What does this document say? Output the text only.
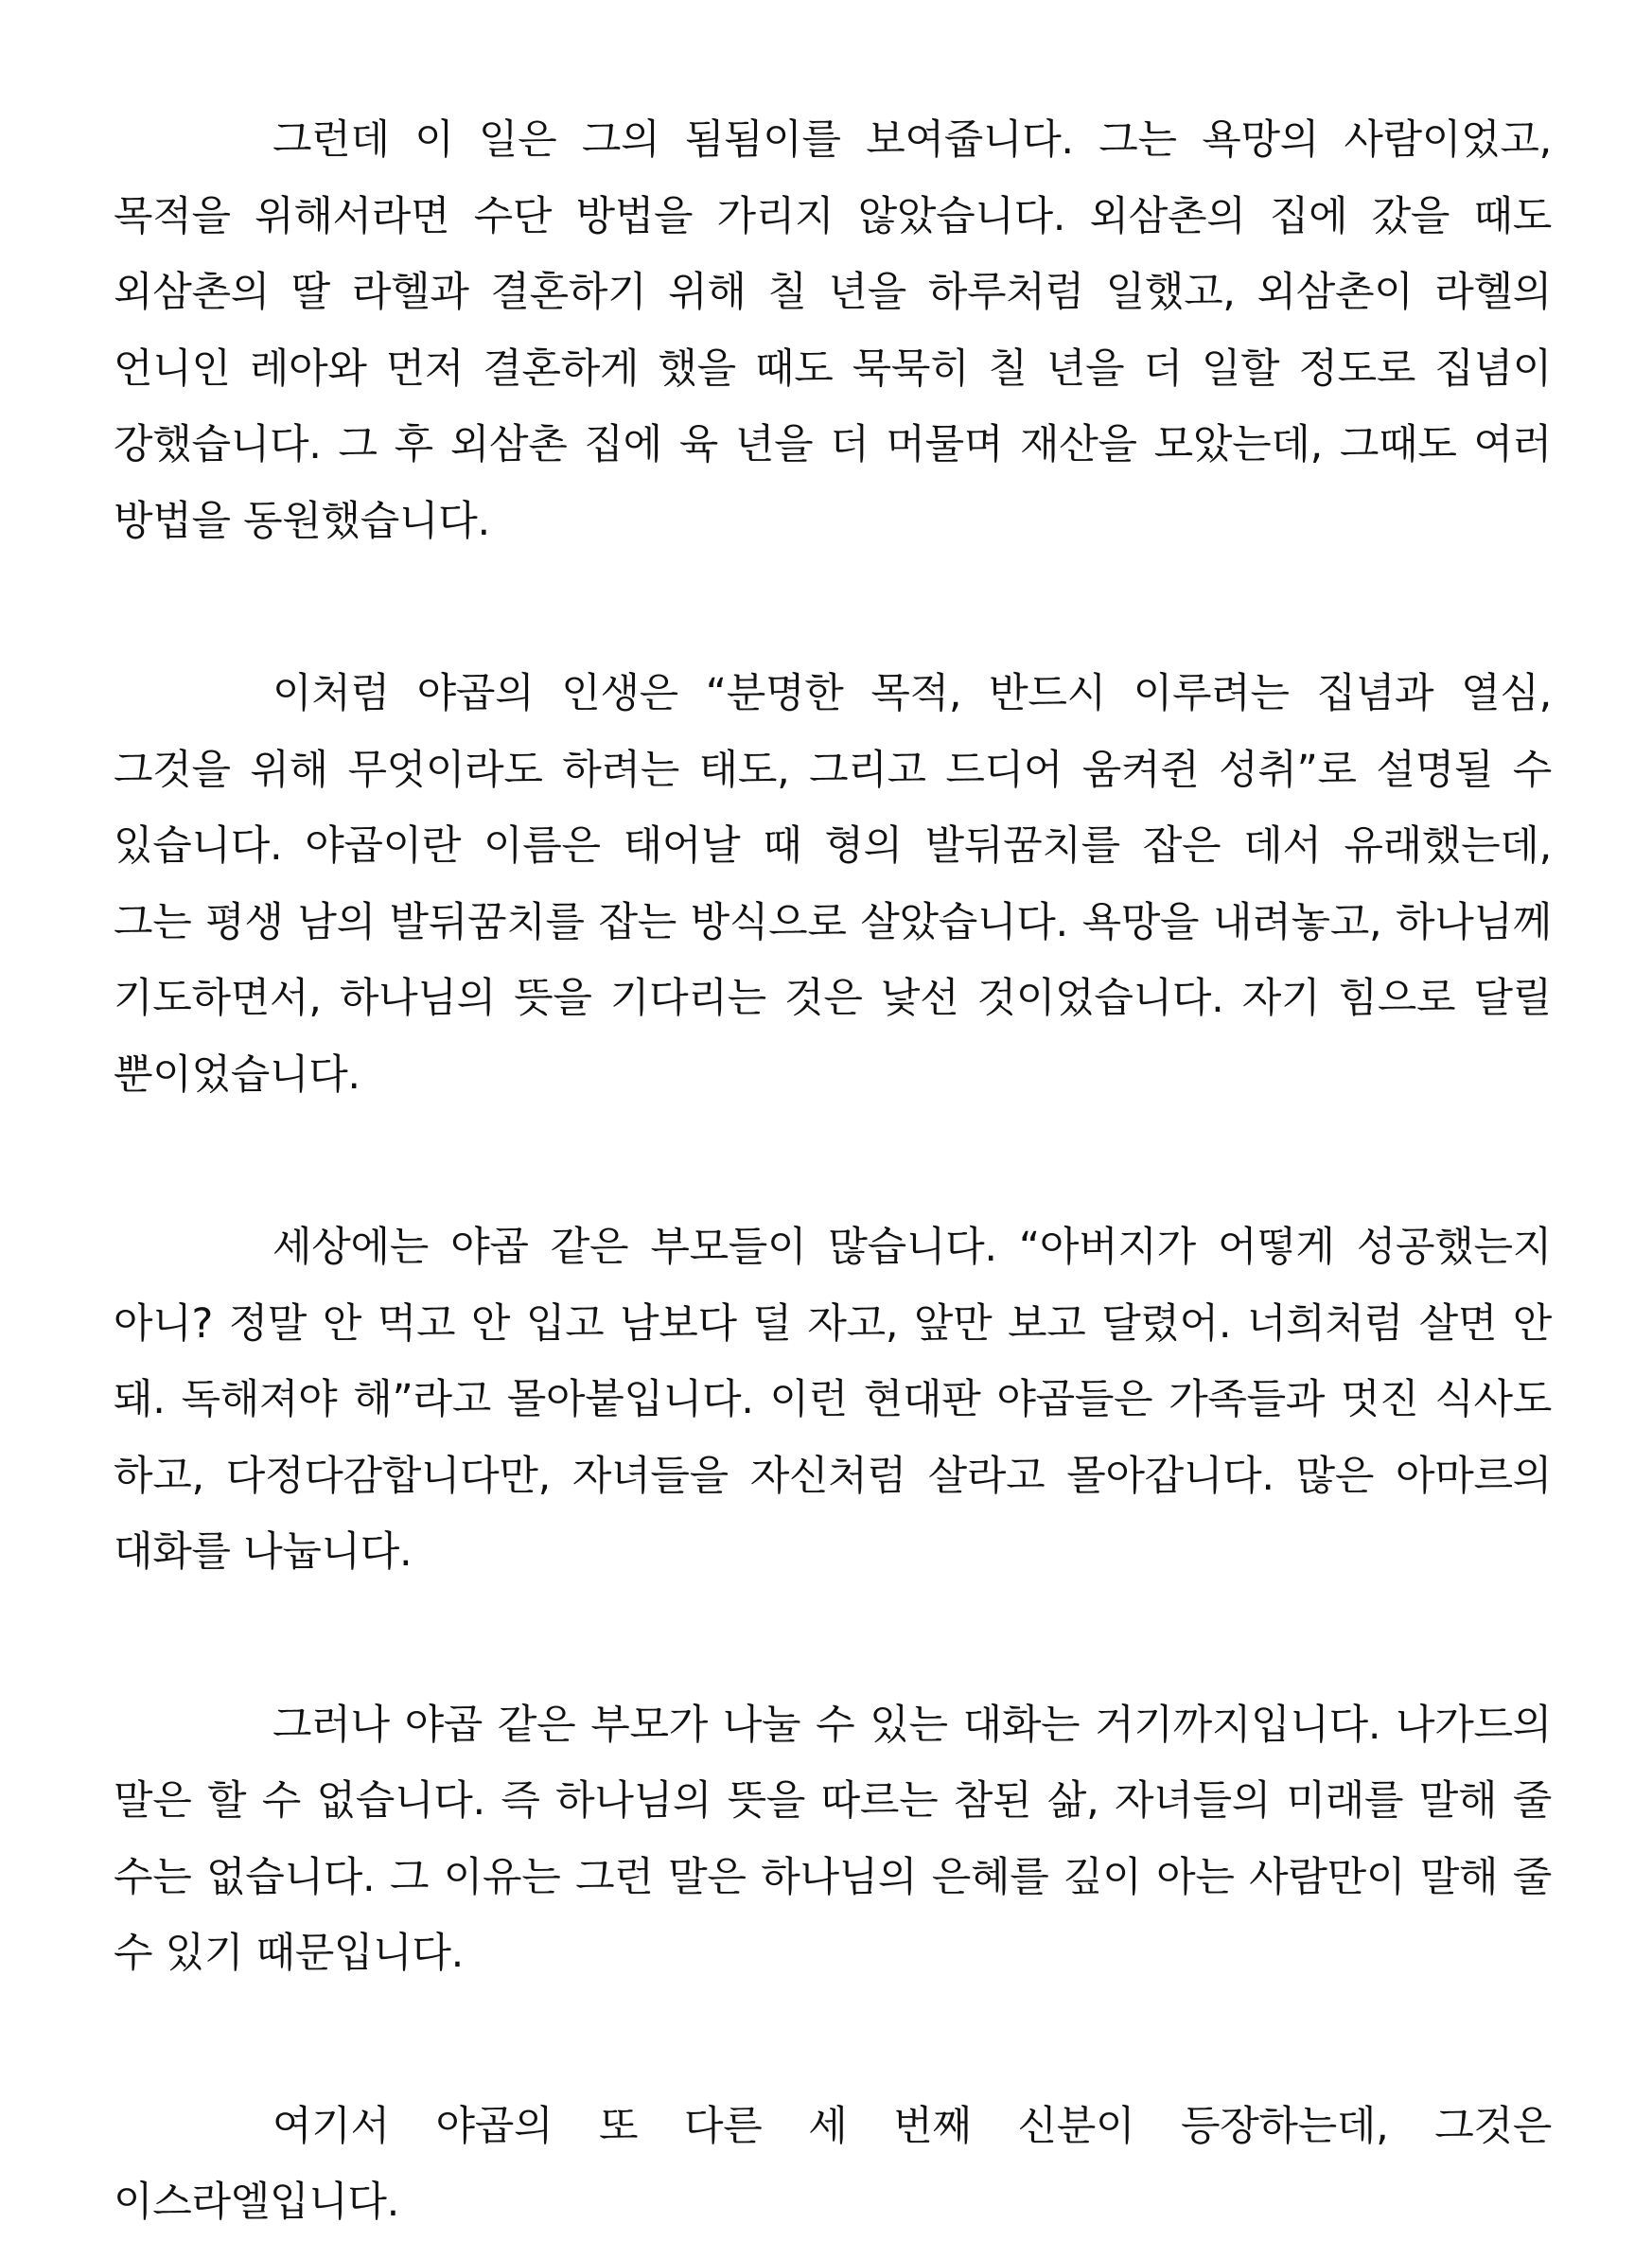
그런데 이 일은 그의 됨됨이를 보여줍니다. 그는 욕망의 사람이었고, 목적을 위해서라면 수단 방법을 가리지 않았습니다. 외삼촌의 집에 갔을 때도 외삼촌의 딸 라헬과 결혼하기 위해 칠 년을 하루처럼 일했고, 외삼촌이 라헬의 언니인 레아와 먼저 결혼하게 했을 때도 묵묵히 칠 년을 더 일할 정도로 집념이 강했습니다. 그 후 외삼촌 집에 육 년을 더 머물며 재산을 모았는데, 그때도 여러 방법을 동원했습니다.

이처럼 야곱의 인생은 “분명한 목적, 반드시 이루려는 집념과 열심, 그것을 위해 무엇이라도 하려는 태도, 그리고 드디어 움켜쥔 성취”로 설명될 수 있습니다. 야곱이란 이름은 태어날 때 형의 발뒤꿈치를 잡은 데서 유래했는데, 그는 평생 남의 발뒤꿈치를 잡는 방식으로 살았습니다. 욕망을 내려놓고, 하나님께 기도하면서, 하나님의 뜻을 기다리는 것은 낯선 것이었습니다. 자기 힘으로 달릴 뿐이었습니다.

세상에는 야곱 같은 부모들이 많습니다. “아버지가 어떻게 성공했는지 아니? 정말 안 먹고 안 입고 남보다 덜 자고, 앞만 보고 달렸어. 너희처럼 살면 안 돼. 독해져야 해”라고 몰아붙입니다. 이런 현대판 야곱들은 가족들과 멋진 식사도 하고, 다정다감합니다만, 자녀들을 자신처럼 살라고 몰아갑니다. 많은 아마르의 대화를 나눕니다.

그러나 야곱 같은 부모가 나눌 수 있는 대화는 거기까지입니다. 나가드의 말은 할 수 없습니다. 즉 하나님의 뜻을 따르는 참된 삶, 자녀들의 미래를 말해 줄 수는 없습니다. 그 이유는 그런 말은 하나님의 은혜를 깊이 아는 사람만이 말해 줄 수 있기 때문입니다.

여기서 야곱의 또 다른 세 번째 신분이 등장하는데, 그것은 이스라엘입니다.
